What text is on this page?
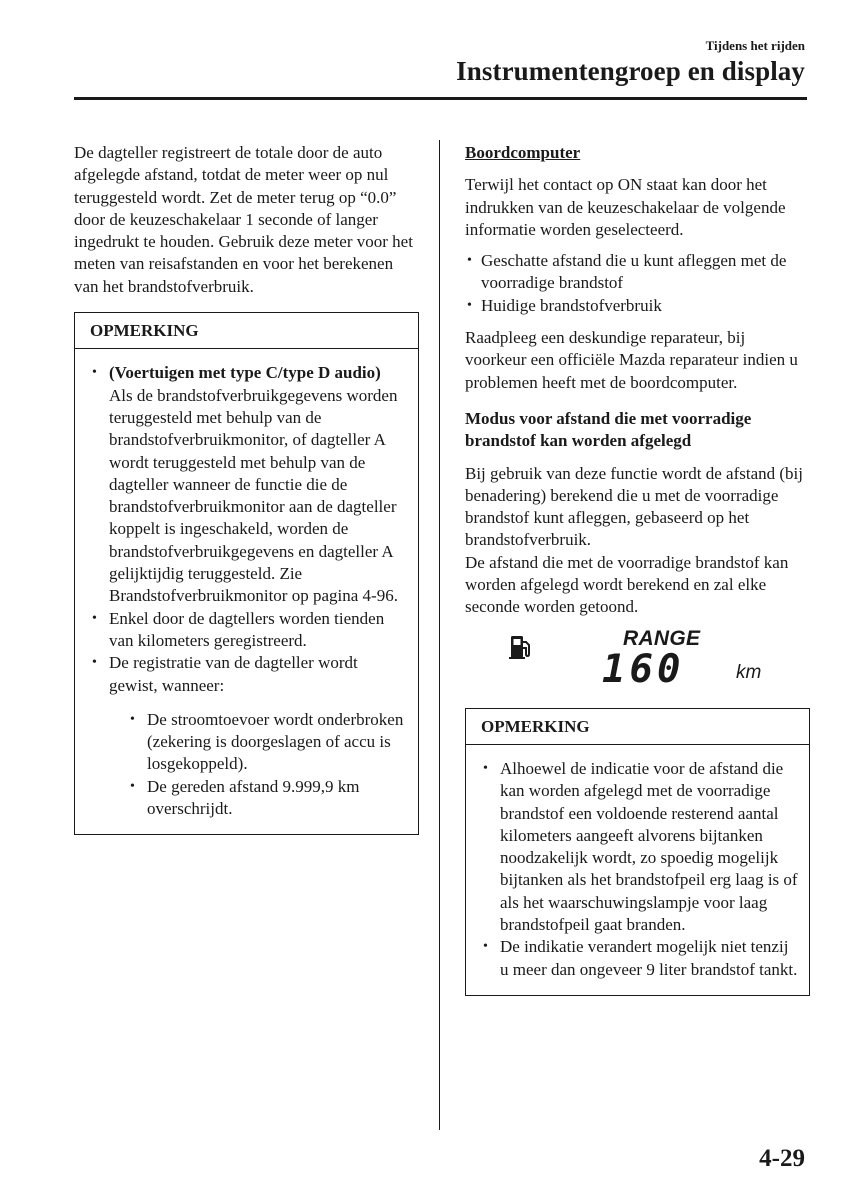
Tijdens het rijden
Instrumentengroep en display

De dagteller registreert de totale door de auto afgelegde afstand, totdat de meter weer op nul teruggesteld wordt. Zet de meter terug op “0.0” door de keuzeschakelaar 1 seconde of langer ingedrukt te houden. Gebruik deze meter voor het meten van reisafstanden en voor het berekenen van het brandstofverbruik.

OPMERKING
• (Voertuigen met type C/type D audio)
Als de brandstofverbruikgegevens worden teruggesteld met behulp van de brandstofverbruikmonitor, of dagteller A wordt teruggesteld met behulp van de dagteller wanneer de functie die de brandstofverbruikmonitor aan de dagteller koppelt is ingeschakeld, worden de brandstofverbruikgegevens en dagteller A gelijktijdig teruggesteld. Zie Brandstofverbruikmonitor op pagina 4-96.
• Enkel door de dagtellers worden tienden van kilometers geregistreerd.
• De registratie van de dagteller wordt gewist, wanneer:
• De stroomtoevoer wordt onderbroken (zekering is doorgeslagen of accu is losgekoppeld).
• De gereden afstand 9.999,9 km overschrijdt.

Boordcomputer

Terwijl het contact op ON staat kan door het indrukken van de keuzeschakelaar de volgende informatie worden geselecteerd.

• Geschatte afstand die u kunt afleggen met de voorradige brandstof
• Huidige brandstofverbruik

Raadpleeg een deskundige reparateur, bij voorkeur een officiële Mazda reparateur indien u problemen heeft met de boordcomputer.

Modus voor afstand die met voorradige brandstof kan worden afgelegd

Bij gebruik van deze functie wordt de afstand (bij benadering) berekend die u met de voorradige brandstof kunt afleggen, gebaseerd op het brandstofverbruik.

De afstand die met de voorradige brandstof kan worden afgelegd wordt berekend en zal elke seconde worden getoond.

RANGE
160	km
OPMERKING
• Alhoewel de indicatie voor de afstand die kan worden afgelegd met de voorradige brandstof een voldoende resterend aantal kilometers aangeeft alvorens bijtanken noodzakelijk wordt, zo spoedig mogelijk bijtanken als het brandstofpeil erg laag is of als het waarschuwingslampje voor laag brandstofpeil gaat branden.
• De indikatie verandert mogelijk niet tenzij u meer dan ongeveer 9 liter brandstof tankt.
4-29
